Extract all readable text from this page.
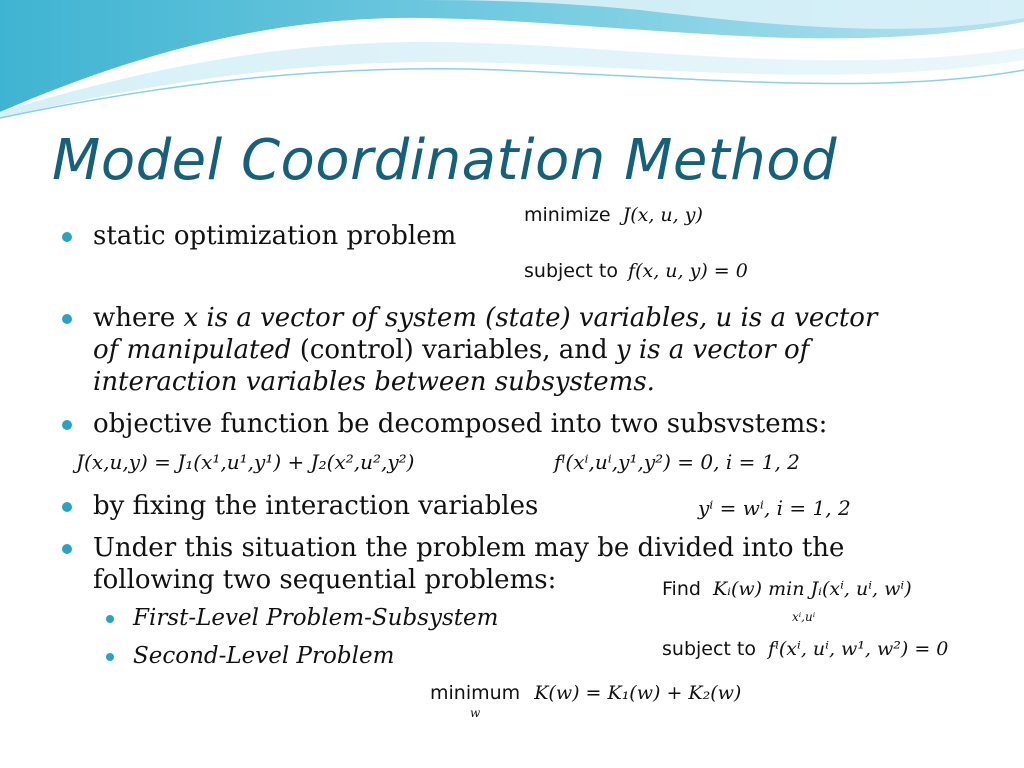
Model Coordination Method
static optimization problem
minimize J(x, u, y)
subject to f(x, u, y) = 0
where x is a vector of system (state) variables, u is a vector
of manipulated (control) variables, and y is a vector of
interaction variables between subsystems.
objective function be decomposed into two subsvstems:
J(x,u,y) = J₁(x¹,u¹,y¹) + J₂(x²,u²,y²)	fⁱ(xⁱ,uⁱ,y¹,y²) = 0, i = 1, 2
by fixing the interaction variables	yⁱ = wⁱ, i = 1, 2
Under this situation the problem may be divided into the
following two sequential problems:	Find Kᵢ(w) min Jᵢ(xⁱ, uⁱ, wⁱ)
xⁱ,uⁱ
subject to fⁱ(xⁱ, uⁱ, w¹, w²) = 0
First-Level Problem-Subsystem
Second-Level Problem
minimum K(w) = K₁(w) + K₂(w)
w
